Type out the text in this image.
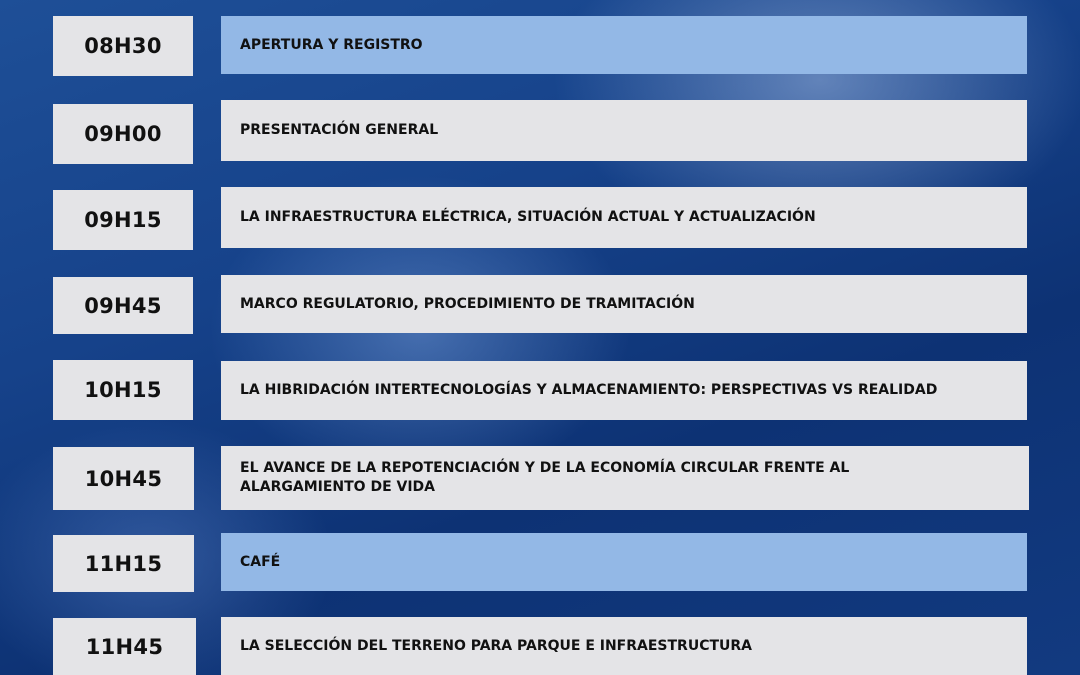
08H30	APERTURA Y REGISTRO
09H00	PRESENTACIÓN GENERAL
09H15	LA INFRAESTRUCTURA ELÉCTRICA, SITUACIÓN ACTUAL Y ACTUALIZACIÓN
09H45	MARCO REGULATORIO, PROCEDIMIENTO DE TRAMITACIÓN
10H15	LA HIBRIDACIÓN INTERTECNOLOGÍAS Y ALMACENAMIENTO: PERSPECTIVAS VS REALIDAD
10H45	EL AVANCE DE LA REPOTENCIACIÓN Y DE LA ECONOMÍA CIRCULAR FRENTE AL ALARGAMIENTO DE VIDA
11H15	CAFÉ
11H45	LA SELECCIÓN DEL TERRENO PARA PARQUE E INFRAESTRUCTURA
